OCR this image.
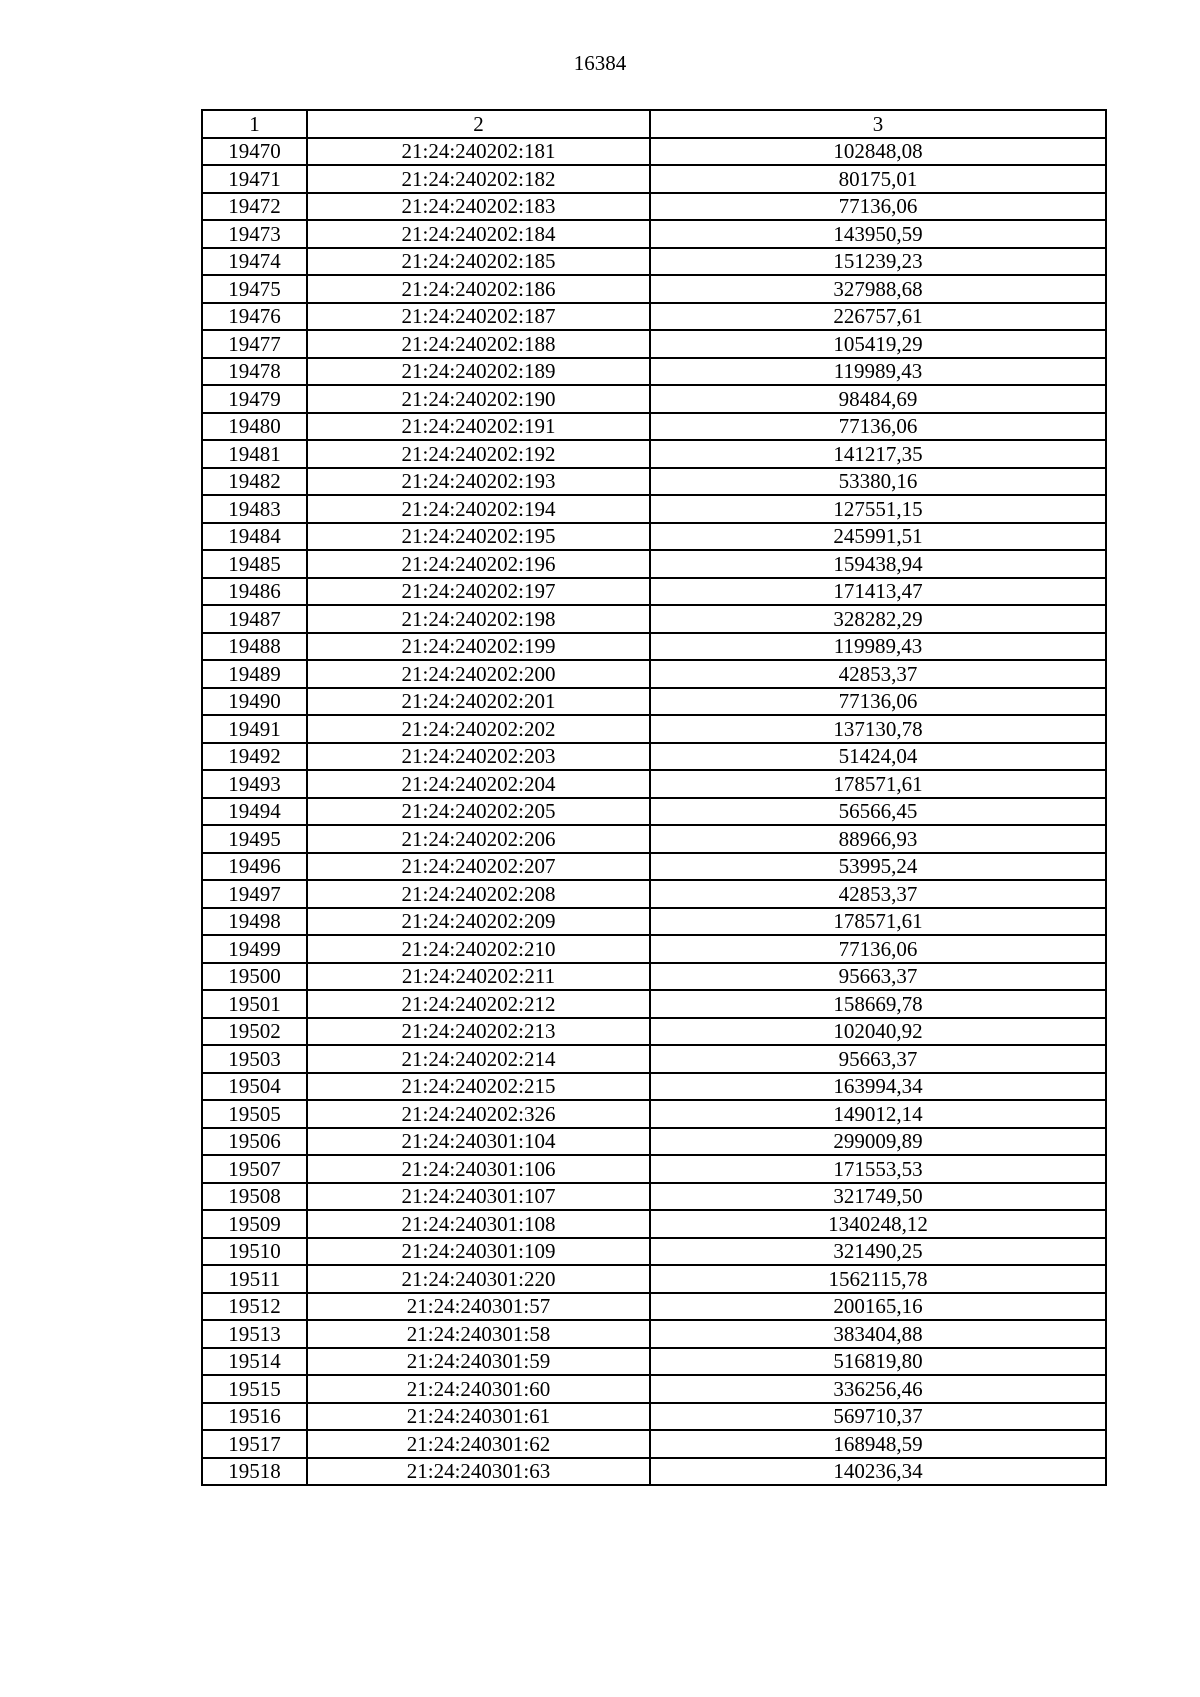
16384
1	2	3
19470	21:24:240202:181	102848,08
19471	21:24:240202:182	80175,01
19472	21:24:240202:183	77136,06
19473	21:24:240202:184	143950,59
19474	21:24:240202:185	151239,23
19475	21:24:240202:186	327988,68
19476	21:24:240202:187	226757,61
19477	21:24:240202:188	105419,29
19478	21:24:240202:189	119989,43
19479	21:24:240202:190	98484,69
19480	21:24:240202:191	77136,06
19481	21:24:240202:192	141217,35
19482	21:24:240202:193	53380,16
19483	21:24:240202:194	127551,15
19484	21:24:240202:195	245991,51
19485	21:24:240202:196	159438,94
19486	21:24:240202:197	171413,47
19487	21:24:240202:198	328282,29
19488	21:24:240202:199	119989,43
19489	21:24:240202:200	42853,37
19490	21:24:240202:201	77136,06
19491	21:24:240202:202	137130,78
19492	21:24:240202:203	51424,04
19493	21:24:240202:204	178571,61
19494	21:24:240202:205	56566,45
19495	21:24:240202:206	88966,93
19496	21:24:240202:207	53995,24
19497	21:24:240202:208	42853,37
19498	21:24:240202:209	178571,61
19499	21:24:240202:210	77136,06
19500	21:24:240202:211	95663,37
19501	21:24:240202:212	158669,78
19502	21:24:240202:213	102040,92
19503	21:24:240202:214	95663,37
19504	21:24:240202:215	163994,34
19505	21:24:240202:326	149012,14
19506	21:24:240301:104	299009,89
19507	21:24:240301:106	171553,53
19508	21:24:240301:107	321749,50
19509	21:24:240301:108	1340248,12
19510	21:24:240301:109	321490,25
19511	21:24:240301:220	1562115,78
19512	21:24:240301:57	200165,16
19513	21:24:240301:58	383404,88
19514	21:24:240301:59	516819,80
19515	21:24:240301:60	336256,46
19516	21:24:240301:61	569710,37
19517	21:24:240301:62	168948,59
19518	21:24:240301:63	140236,34
